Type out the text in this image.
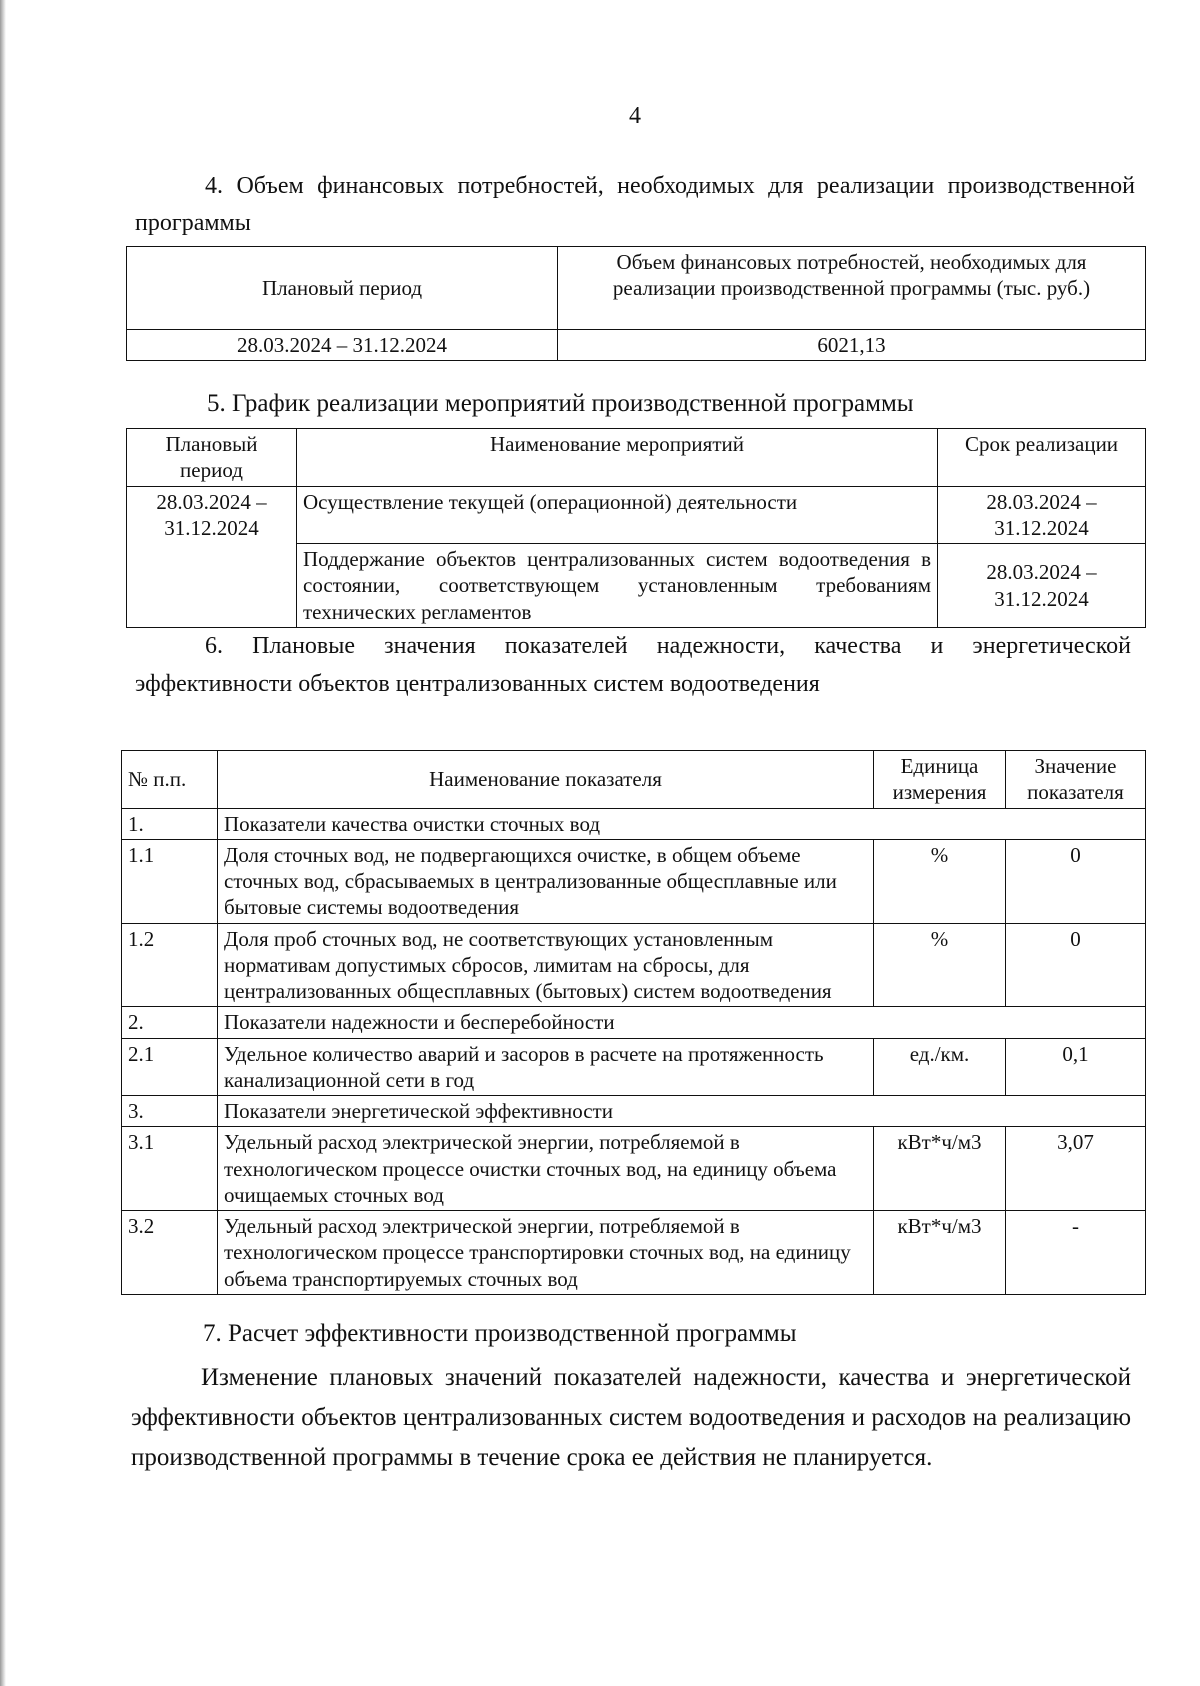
4
4. Объем финансовых потребностей, необходимых для реализации производственной программы
Плановый период	Объем финансовых потребностей, необходимых для реализации производственной программы (тыс. руб.)
28.03.2024 – 31.12.2024	6021,13
5. График реализации мероприятий производственной программы
Плановый период	Наименование мероприятий	Срок реализации
28.03.2024 – 31.12.2024	Осуществление текущей (операционной) деятельности	28.03.2024 – 31.12.2024
	Поддержание объектов централизованных систем водоотведения в состоянии, соответствующем установленным требованиям технических регламентов	28.03.2024 – 31.12.2024
6. Плановые значения показателей надежности, качества и энергетической эффективности объектов централизованных систем водоотведения
№ п.п.	Наименование показателя	Единица измерения	Значение показателя
1.	Показатели качества очистки сточных вод		
1.1	Доля сточных вод, не подвергающихся очистке, в общем объеме сточных вод, сбрасываемых в централизованные общесплавные или бытовые системы водоотведения	%	0
1.2	Доля проб сточных вод, не соответствующих установленным нормативам допустимых сбросов, лимитам на сбросы, для централизованных общесплавных (бытовых) систем водоотведения	%	0
2.	Показатели надежности и бесперебойности		
2.1	Удельное количество аварий и засоров в расчете на протяженность канализационной сети в год	ед./км.	0,1
3.	Показатели энергетической эффективности		
3.1	Удельный расход электрической энергии, потребляемой в технологическом процессе очистки сточных вод, на единицу объема очищаемых сточных вод	кВт*ч/м3	3,07
3.2	Удельный расход электрической энергии, потребляемой в технологическом процессе транспортировки сточных вод, на единицу объема транспортируемых сточных вод	кВт*ч/м3	-
7. Расчет эффективности производственной программы
Изменение плановых значений показателей надежности, качества и энергетической эффективности объектов централизованных систем водоотведения и расходов на реализацию производственной программы в течение срока ее действия не планируется.
